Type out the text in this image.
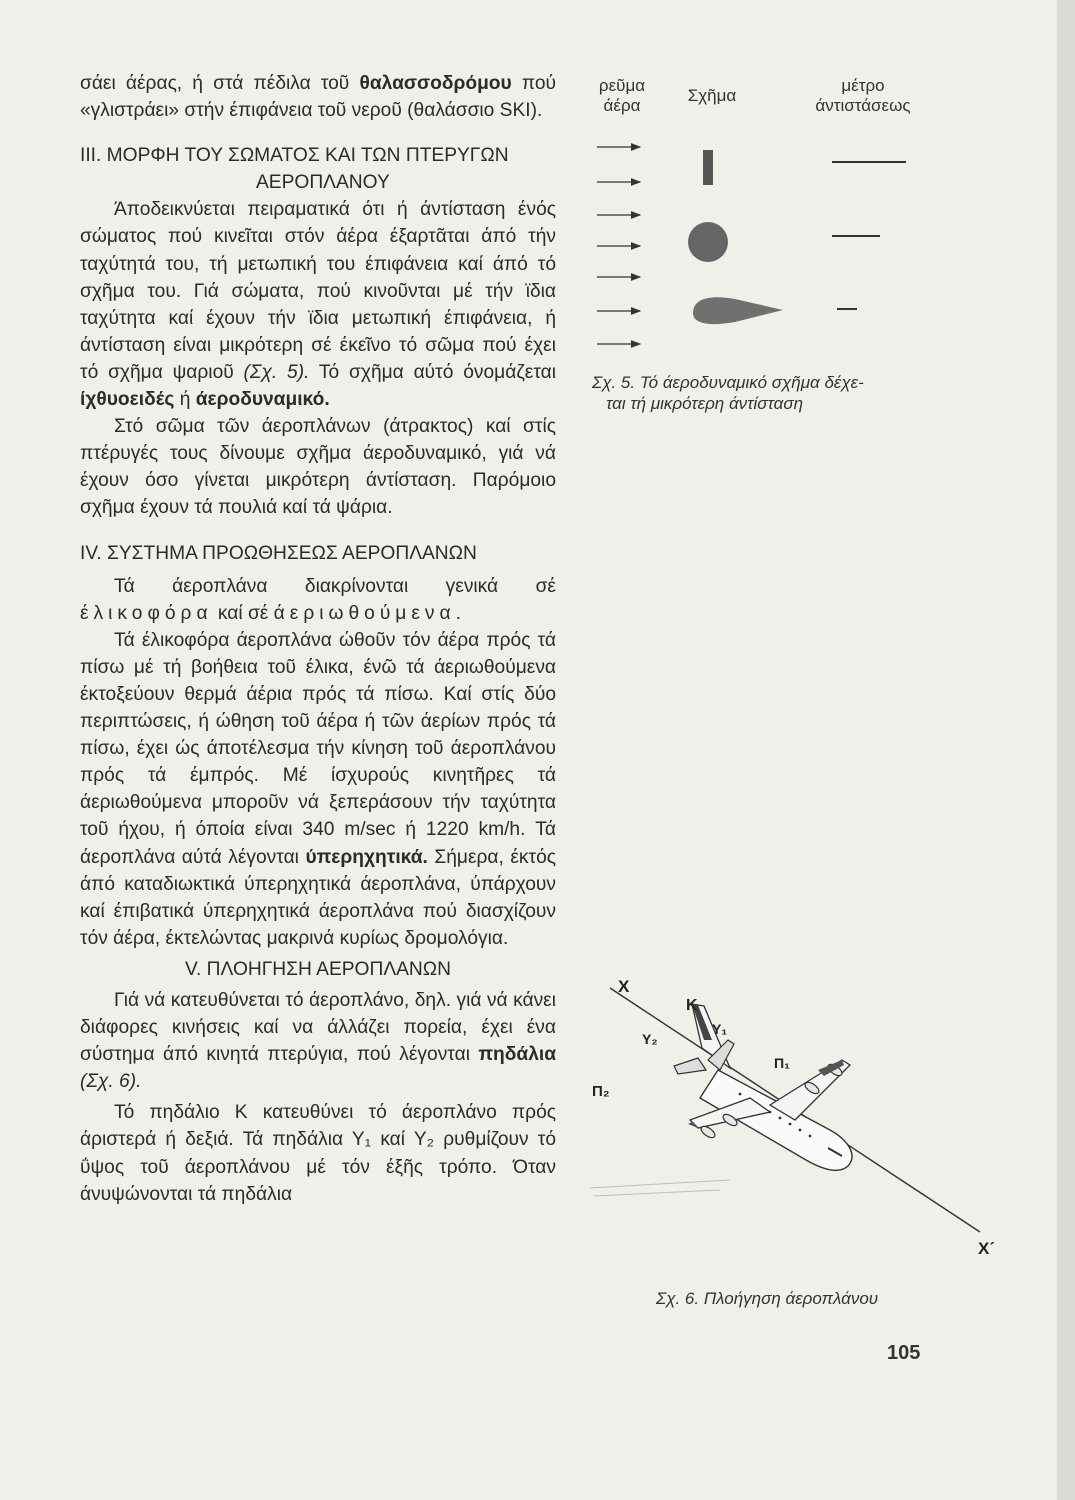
σάει άέρας, ή στά πέδιλα τοῦ θαλασσοδρόμου πού «γλιστράει» στήν έπιφάνεια τοῦ νεροῦ (θαλάσσιο SKI).

III. ΜΟΡΦΗ ΤΟΥ ΣΩΜΑΤΟΣ ΚΑΙ ΤΩΝ ΠΤΕΡΥΓΩΝ
ΑΕΡΟΠΛΑΝΟΥ

Άποδεικνύεται πειραματικά ότι ή άντίσταση ένός σώματος πού κινεῖται στόν άέρα έξαρτᾶται άπό τήν ταχύτητά του, τή μετωπική του έπιφάνεια καί άπό τό σχῆμα του. Γιά σώματα, πού κινοῦνται μέ τήν ϊδια ταχύτητα καί έχουν τήν ϊδια μετωπική έπιφάνεια, ή άντίσταση είναι μικρότερη σέ έκεῖνο τό σῶμα πού έχει τό σχῆμα ψαριοῦ (Σχ. 5). Τό σχῆμα αύτό όνομάζεται ίχθυοειδές ή άεροδυναμικό.

Στό σῶμα τῶν άεροπλάνων (άτρακτος) καί στίς πτέρυγές τους δίνουμε σχῆμα άεροδυναμικό, γιά νά έχουν όσο γίνεται μικρότερη άντίσταση. Παρόμοιο σχῆμα έχουν τά πουλιά καί τά ψάρια.

IV. ΣΥΣΤΗΜΑ ΠΡΟΩΘΗΣΕΩΣ ΑΕΡΟΠΛΑΝΩΝ

Τά άεροπλάνα διακρίνονται γενικά σέ έλικοφόρα καί σέ άεριωθούμενα.

Τά έλικοφόρα άεροπλάνα ώθοῦν τόν άέρα πρός τά πίσω μέ τή βοήθεια τοῦ έλικα, ένῶ τά άεριωθούμενα έκτοξεύουν θερμά άέρια πρός τά πίσω. Καί στίς δύο περιπτώσεις, ή ώθηση τοῦ άέρα ή τῶν άερίων πρός τά πίσω, έχει ώς άποτέλεσμα τήν κίνηση τοῦ άεροπλάνου πρός τά έμπρός. Μέ ίσχυρούς κινητῆρες τά άεριωθούμενα μποροῦν νά ξεπεράσουν τήν ταχύτητα τοῦ ήχου, ή όποία είναι 340 m/sec ή 1220 km/h. Τά άεροπλάνα αύτά λέγονται ύπερηχητικά. Σήμερα, έκτός άπό καταδιωκτικά ύπερηχητικά άεροπλάνα, ύπάρχουν καί έπιβατικά ύπερηχητικά άεροπλάνα πού διασχίζουν τόν άέρα, έκτελώντας μακρινά κυρίως δρομολόγια.

V. ΠΛΟΗΓΗΣΗ ΑΕΡΟΠΛΑΝΩΝ

Γιά νά κατευθύνεται τό άεροπλάνο, δηλ. γιά νά κάνει διάφορες κινήσεις καί να άλλάζει πορεία, έχει ένα σύστημα άπό κινητά πτερύγια, πού λέγονται πηδάλια (Σχ. 6).

Τό πηδάλιο Κ κατευθύνει τό άεροπλάνο πρός άριστερά ή δεξιά. Τά πηδάλια Υ₁ καί Υ₂ ρυθμίζουν τό ΰψος τοῦ άεροπλάνου μέ τόν έξῆς τρόπο. Όταν άνυψώνονται τά πηδάλια

ρεῦμα
άέρα
Σχῆμα
μέτρο
άντιστάσεως
Σχ. 5. Τό άεροδυναμικό σχῆμα δέχε-
ται τή μικρότερη άντίσταση
X
Κ
Υ₁
Υ₂
Π₁
Π₂
X´
Σχ. 6. Πλοήγηση άεροπλάνου
105
